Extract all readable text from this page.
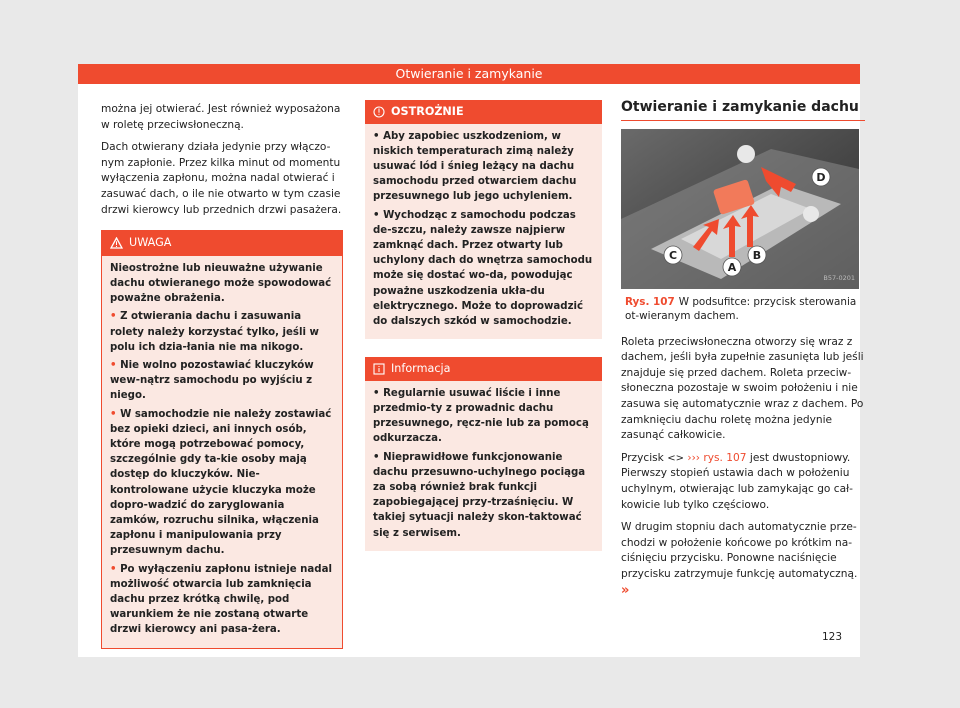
Otwieranie i zamykanie

można jej otwierać. Jest również wyposażona w roletę przeciwsłoneczną.

Dach otwierany działa jedynie przy włączo-nym zapłonie. Przez kilka minut od momentu wyłączenia zapłonu, można nadal otwierać i zasuwać dach, o ile nie otwarto w tym czasie drzwi kierowcy lub przednich drzwi pasażera.

UWAGA

Nieostrożne lub nieuważne używanie dachu otwieranego może spowodować poważne obrażenia.

• Z otwierania dachu i zasuwania rolety należy korzystać tylko, jeśli w polu ich dzia-łania nie ma nikogo.

• Nie wolno pozostawiać kluczyków wew-nątrz samochodu po wyjściu z niego.

• W samochodzie nie należy zostawiać bez opieki dzieci, ani innych osób, które mogą potrzebować pomocy, szczególnie gdy ta-kie osoby mają dostęp do kluczyków. Nie-kontrolowane użycie kluczyka może dopro-wadzić do zaryglowania zamków, rozruchu silnika, włączenia zapłonu i manipulowania przy przesuwnym dachu.

• Po wyłączeniu zapłonu istnieje nadal możliwość otwarcia lub zamknięcia dachu przez krótką chwilę, pod warunkiem że nie zostaną otwarte drzwi kierowcy ani pasa-żera.

OSTROŻNIE

• Aby zapobiec uszkodzeniom, w niskich temperaturach zimą należy usuwać lód i śnieg leżący na dachu samochodu przed otwarciem dachu przesuwnego lub jego uchyleniem.

• Wychodząc z samochodu podczas de-szczu, należy zawsze najpierw zamknąć dach. Przez otwarty lub uchylony dach do wnętrza samochodu może się dostać wo-da, powodując poważne uszkodzenia ukła-du elektrycznego. Może to doprowadzić do dalszych szkód w samochodzie.

Informacja

• Regularnie usuwać liście i inne przedmio-ty z prowadnic dachu przesuwnego, ręcz-nie lub za pomocą odkurzacza.

• Nieprawidłowe funkcjonowanie dachu przesuwno-uchylnego pociąga za sobą również brak funkcji zapobiegającej przy-trzaśnięciu. W takiej sytuacji należy skon-taktować się z serwisem.

Otwieranie i zamykanie dachu
A
B
C
D
B57-0201
Rys. 107 W podsufitce: przycisk sterowania ot-wieranym dachem.

Roleta przeciwsłoneczna otworzy się wraz z dachem, jeśli była zupełnie zasunięta lub jeśli znajduje się przed dachem. Roleta przeciw-słoneczna pozostaje w swoim położeniu i nie zasuwa się automatycznie wraz z dachem. Po zamknięciu dachu roletę można jedynie zasunąć całkowicie.

Przycisk <> ››› rys. 107 jest dwustopniowy. Pierwszy stopień ustawia dach w położeniu uchylnym, otwierając lub zamykając go cał-kowicie lub tylko częściowo.

W drugim stopniu dach automatycznie prze-chodzi w położenie końcowe po krótkim na-ciśnięciu przycisku. Ponowne naciśnięcie przycisku zatrzymuje funkcję automatyczną. »

123
